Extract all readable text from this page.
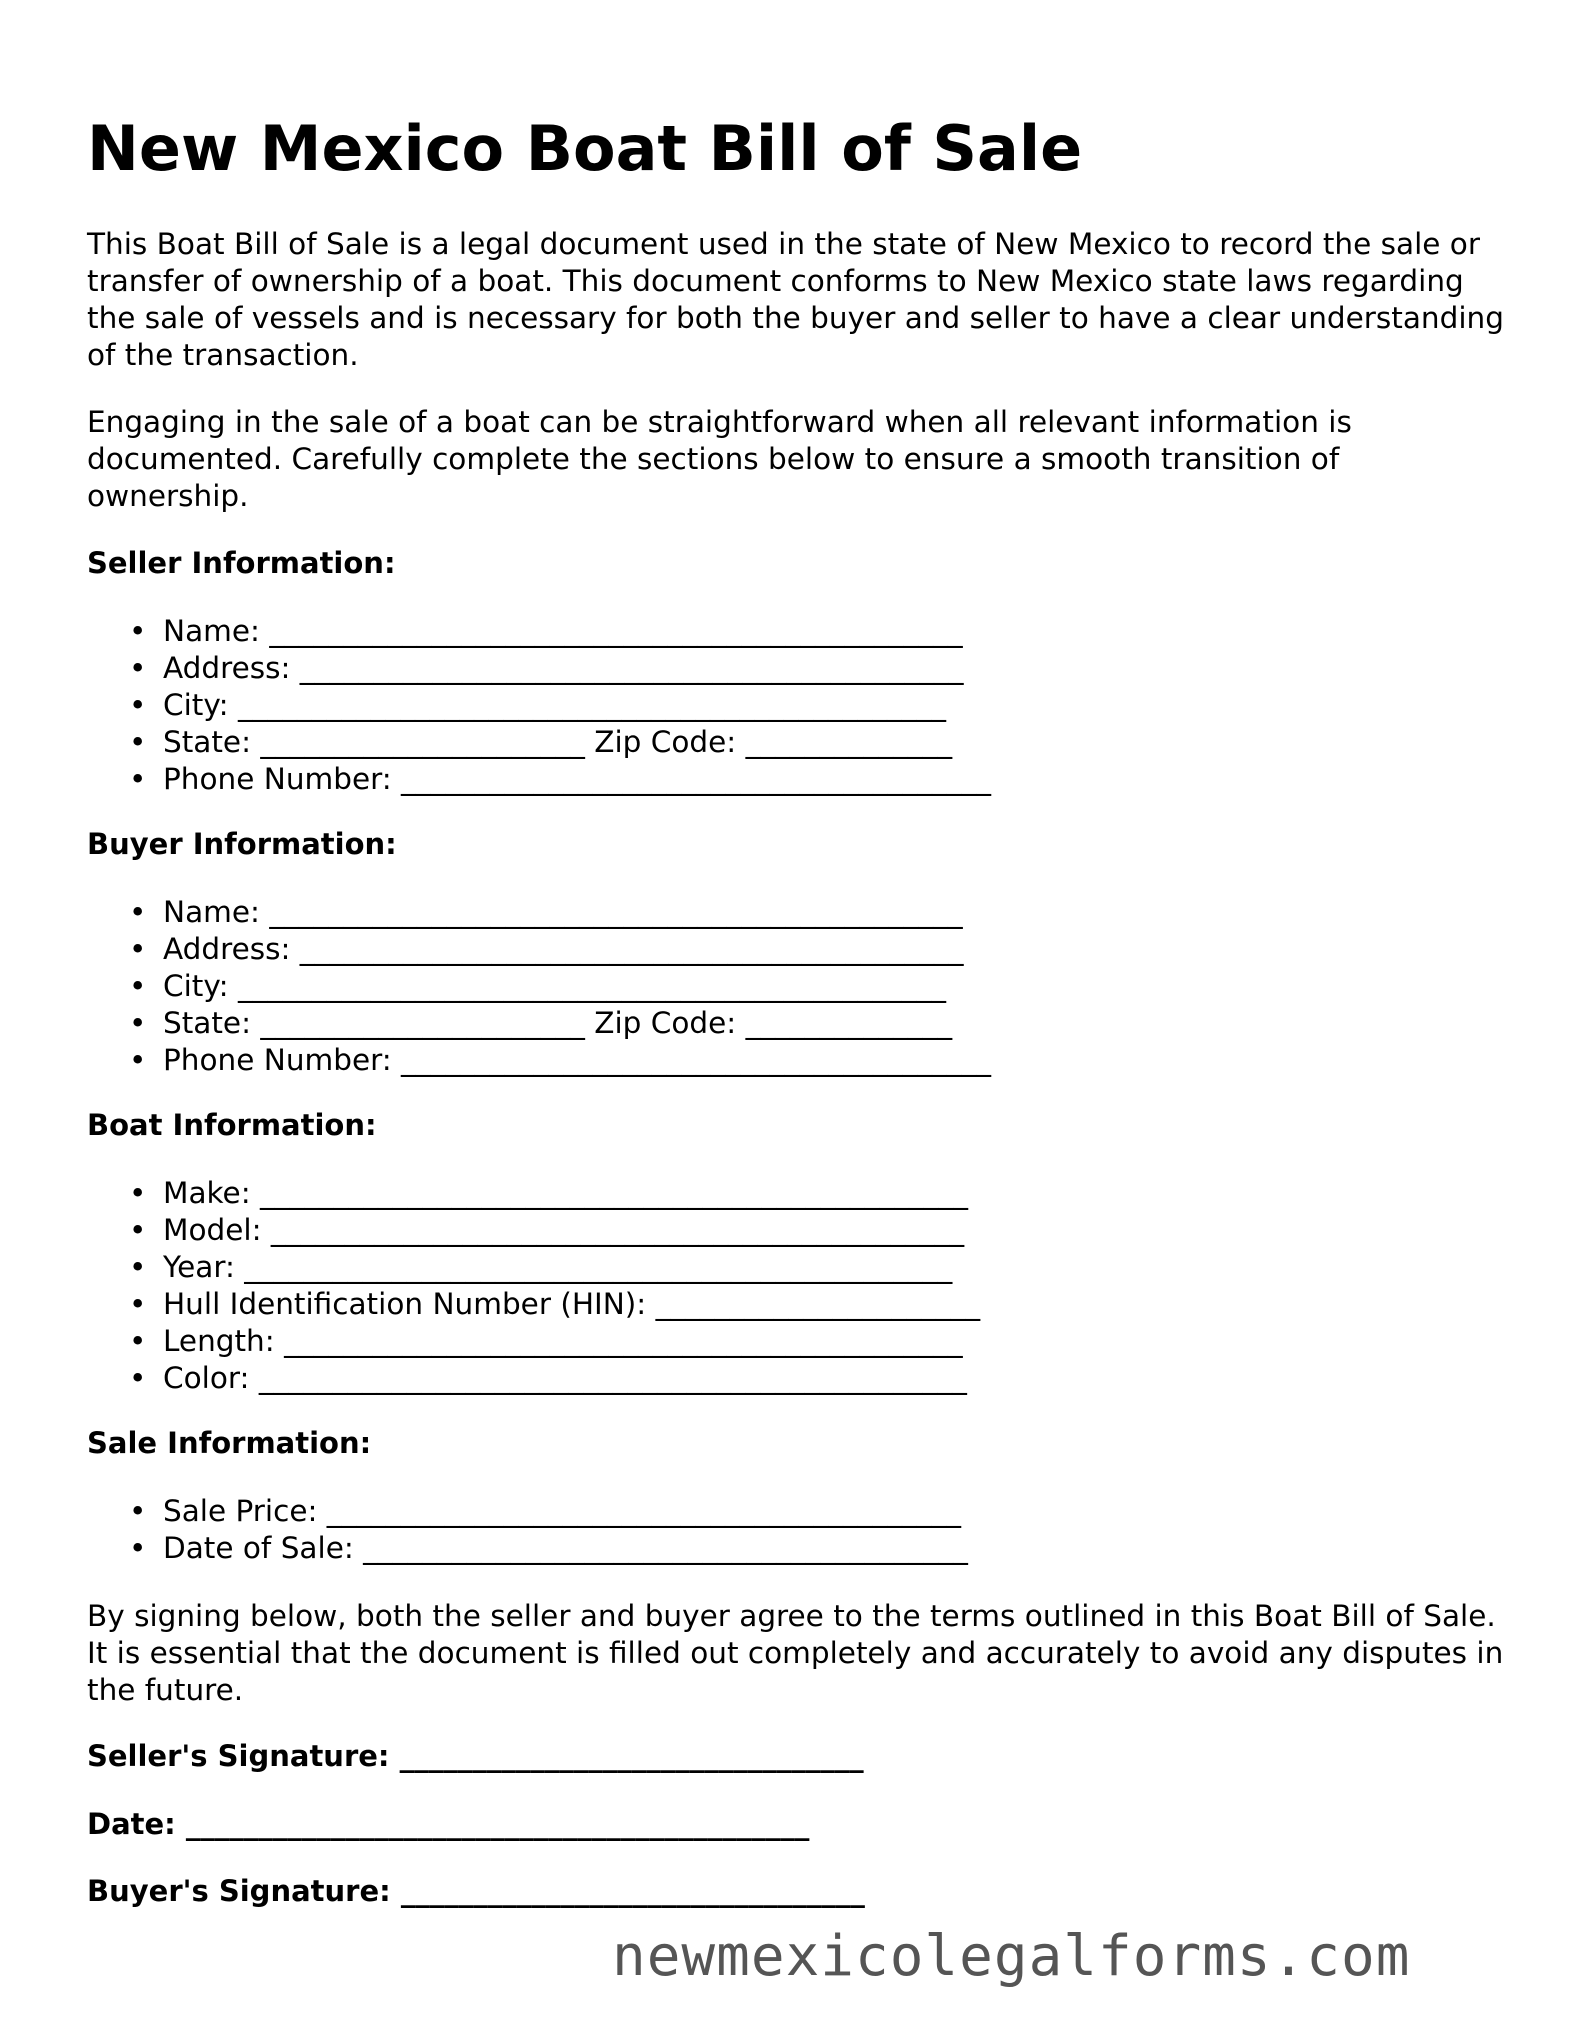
New Mexico Boat Bill of Sale

This Boat Bill of Sale is a legal document used in the state of New Mexico to record the sale or transfer of ownership of a boat. This document conforms to New Mexico state laws regarding the sale of vessels and is necessary for both the buyer and seller to have a clear understanding of the transaction.

Engaging in the sale of a boat can be straightforward when all relevant information is documented. Carefully complete the sections below to ensure a smooth transition of ownership.

Seller Information:
• Name: _______________________________________________
• Address: _____________________________________________
• City: ________________________________________________
• State: ______________________ Zip Code: ______________
• Phone Number: ________________________________________
Buyer Information:
• Name: _______________________________________________
• Address: _____________________________________________
• City: ________________________________________________
• State: ______________________ Zip Code: ______________
• Phone Number: ________________________________________
Boat Information:
• Make: ________________________________________________
• Model: _______________________________________________
• Year: ________________________________________________
• Hull Identification Number (HIN): ______________________
• Length: ______________________________________________
• Color: ________________________________________________
Sale Information:
• Sale Price: ___________________________________________
• Date of Sale: _________________________________________

By signing below, both the seller and buyer agree to the terms outlined in this Boat Bill of Sale. It is essential that the document is filled out completely and accurately to avoid any disputes in the future.

Seller's Signature: ________________________________
Date: ___________________________________________
Buyer's Signature: ________________________________
newmexicolegalforms.com
